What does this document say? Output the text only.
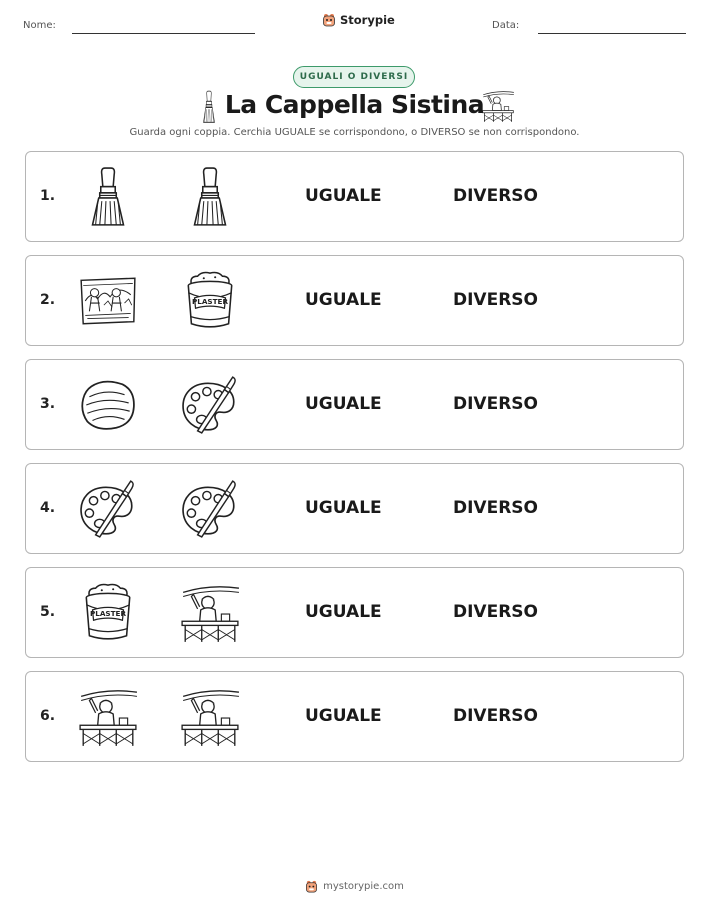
Nome:	Storypie	Data:
UGUALI O DIVERSI
La Cappella Sistina
Guarda ogni coppia. Cerchia UGUALE se corrispondono, o DIVERSO se non corrispondono.
1.	UGUALE	DIVERSO
2.	PLASTER	UGUALE	DIVERSO
3.	UGUALE	DIVERSO
4.	UGUALE	DIVERSO
5.	PLASTER	UGUALE	DIVERSO
6.	UGUALE	DIVERSO
mystorypie.com
